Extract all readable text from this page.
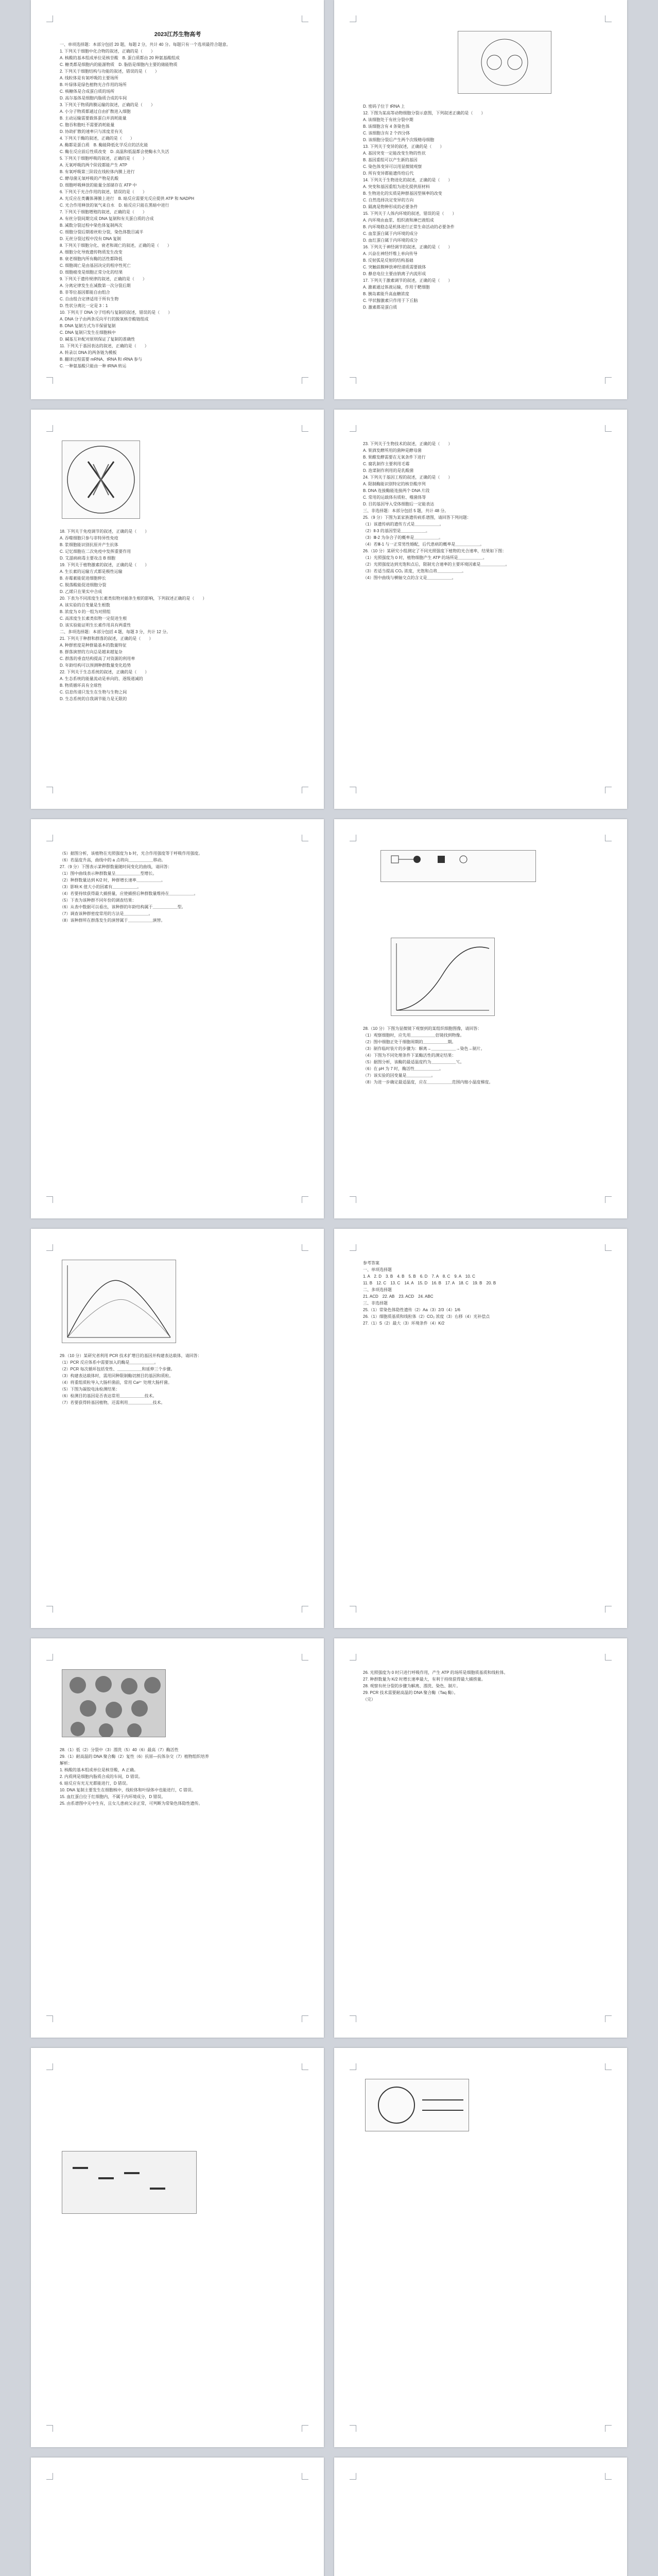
2023江苏生物高考
一、单项选择题：本部分包括 20 题，每题 2 分，共计 40 分。每题只有一个选项最符合题意。
1. 下列关于细胞中化合物的叙述，正确的是（　　）
A. 核酸的基本组成单位是核苷酸　B. 蛋白质都由 20 种氨基酸组成
C. 糖类都是细胞内的能源物质　D. 脂肪是细胞内主要的储能物质
2. 下列关于细胞结构与功能的叙述，错误的是（　　）
A. 线粒体是有氧呼吸的主要场所
B. 叶绿体是绿色植物光合作用的场所
C. 核糖体是合成蛋白质的场所
D. 高尔基体是细胞内脂质合成的车间
3. 下列关于物质跨膜运输的叙述，正确的是（　　）
A. 小分子物质都通过自由扩散进入细胞
B. 主动运输需要载体蛋白并消耗能量
C. 胞吞和胞吐不需要消耗能量
D. 协助扩散的速率只与浓度差有关
4. 下列关于酶的叙述，正确的是（　　）
A. 酶都是蛋白质　B. 酶能降低化学反应的活化能
C. 酶在反应前后性质改变　D. 高温和低温都会使酶永久失活
5. 下列关于细胞呼吸的叙述，正确的是（　　）
A. 无氧呼吸的两个阶段都能产生 ATP
B. 有氧呼吸第三阶段在线粒体内膜上进行
C. 酵母菌无氧呼吸的产物是乳酸
D. 细胞呼吸释放的能量全部储存在 ATP 中
6. 下列关于光合作用的叙述，错误的是（　　）
A. 光反应在类囊体薄膜上进行　B. 暗反应需要光反应提供 ATP 和 NADPH
C. 光合作用释放的氧气来自水　D. 暗反应只能在黑暗中进行
7. 下列关于细胞增殖的叙述，正确的是（　　）
A. 有丝分裂间期完成 DNA 复制和有关蛋白质的合成
B. 减数分裂过程中染色体复制两次
C. 细胞分裂后期着丝粒分裂，染色体数目减半
D. 无丝分裂过程中没有 DNA 复制
8. 下列关于细胞分化、衰老和凋亡的叙述，正确的是（　　）
A. 细胞分化导致遗传物质发生改变
B. 衰老细胞内所有酶的活性都降低
C. 细胞凋亡是由基因决定的程序性死亡
D. 细胞癌变是细胞正常分化的结果
9. 下列关于遗传规律的叙述，正确的是（　　）
A. 分离定律发生在减数第一次分裂后期
B. 非等位基因都能自由组合
C. 自由组合定律适用于所有生物
D. 性状分离比一定是 3∶1
10. 下列关于 DNA 分子结构与复制的叙述，错误的是（　　）
A. DNA 分子由两条反向平行的脱氧核苷酸链组成
B. DNA 复制方式为半保留复制
C. DNA 复制只发生在细胞核中
D. 碱基互补配对原则保证了复制的准确性
11. 下列关于基因表达的叙述，正确的是（　　）
A. 转录以 DNA 的两条链为模板
B. 翻译过程需要 mRNA、tRNA 和 rRNA 参与
C. 一种氨基酸只能由一种 tRNA 转运
D. 密码子位于 tRNA 上
12. 下图为某高等动物细胞分裂示意图，下列叙述正确的是（　　）
A. 该细胞处于有丝分裂中期
B. 该细胞含有 4 条染色体
C. 该细胞含有 2 个四分体
D. 该细胞分裂后产生两个次级精母细胞
13. 下列关于变异的叙述，正确的是（　　）
A. 基因突变一定能改变生物的性状
B. 基因重组可以产生新的基因
C. 染色体变异可以用显微镜观察
D. 所有变异都能遗传给后代
14. 下列关于生物进化的叙述，正确的是（　　）
A. 突变和基因重组为进化提供原材料
B. 生物进化的实质是种群基因型频率的改变
C. 自然选择决定变异的方向
D. 隔离是物种形成的必要条件
15. 下列关于人体内环境的叙述，错误的是（　　）
A. 内环境由血浆、组织液和淋巴液组成
B. 内环境稳态是机体进行正常生命活动的必要条件
C. 血浆蛋白属于内环境的成分
D. 血红蛋白属于内环境的成分
16. 下列关于神经调节的叙述，正确的是（　　）
A. 兴奋在神经纤维上单向传导
B. 反射弧是反射的结构基础
C. 突触前膜释放神经递质需要载体
D. 静息电位主要由钠离子内流形成
17. 下列关于激素调节的叙述，正确的是（　　）
A. 激素通过体液运输，作用于靶细胞
B. 胰岛素能升高血糖浓度
C. 甲状腺激素只作用于下丘脑
D. 激素都是蛋白质
18. 下列关于免疫调节的叙述，正确的是（　　）
A. 吞噬细胞只参与非特异性免疫
B. 浆细胞能识别抗原并产生抗体
C. 记忆细胞在二次免疫中发挥重要作用
D. 艾滋病病毒主要攻击 B 细胞
19. 下列关于植物激素的叙述，正确的是（　　）
A. 生长素的运输方式都是极性运输
B. 赤霉素能促进细胞伸长
C. 脱落酸能促进细胞分裂
D. 乙烯只在果实中合成
20. 下表为不同浓度生长素类似物对插条生根的影响，下列叙述正确的是（　　）
A. 该实验的自变量是生根数
B. 浓度为 0 的一组为对照组
C. 高浓度生长素类似物一定促进生根
D. 该实验能证明生长素作用具有两重性
二、多项选择题：本部分包括 4 题，每题 3 分，共计 12 分。
21. 下列关于种群和群落的叙述，正确的是（　　）
A. 种群密度是种群最基本的数量特征
B. 群落演替的方向总是越来越复杂
C. 群落的垂直结构提高了对资源的利用率
D. 年龄结构可以预测种群数量变化趋势
22. 下列关于生态系统的叙述，正确的是（　　）
A. 生态系统的能量流动是单向的、逐级递减的
B. 物质循环具有全球性
C. 信息传递只发生在生物与生物之间
D. 生态系统的自我调节能力是无限的
23. 下列关于生物技术的叙述，正确的是（　　）
A. 果酒发酵所用的菌种是酵母菌
B. 果醋发酵需要在无氧条件下进行
C. 腐乳制作主要利用毛霉
D. 泡菜制作利用的是乳酸菌
24. 下列关于基因工程的叙述，正确的是（　　）
A. 限制酶能识别特定的核苷酸序列
B. DNA 连接酶能连接两个 DNA 片段
C. 常用的运载体有质粒、噬菌体等
D. 目的基因导入受体细胞后一定能表达
三、非选择题：本部分包括 5 题，共计 48 分。
25.（9 分）下图为某家族遗传病系谱图，请回答下列问题：
（1）该遗传病的遗传方式是＿＿＿＿＿＿。
（2）Ⅱ-3 的基因型是＿＿＿＿＿＿。
（3）Ⅲ-2 为杂合子的概率是＿＿＿＿＿＿。
（4）若Ⅲ-1 与一正常男性婚配，后代患病的概率是＿＿＿＿＿＿。
26.（10 分）某研究小组测定了不同光照强度下植物的光合速率，结果如下图：
（1）光照强度为 0 时，植物细胞产生 ATP 的场所是＿＿＿＿＿＿。
（2）光照强度达到光饱和点后，限制光合速率的主要环境因素是＿＿＿＿＿＿。
（3）若适当提高 CO₂ 浓度，光饱和点将＿＿＿＿＿＿。
（4）图中曲线与横轴交点的含义是＿＿＿＿＿＿。
（5）据图分析，该植物在光照强度为 b 时，光合作用强度等于呼吸作用强度。
（6）若温度升高，曲线中的 a 点将向＿＿＿＿＿＿移动。
27.（9 分）下图表示某种群数量随时间变化的曲线，请回答：
（1）图中曲线表示种群数量呈＿＿＿＿＿＿型增长。
（2）种群数量达到 K/2 时，种群增长速率＿＿＿＿＿＿。
（3）影响 K 值大小的因素有＿＿＿＿＿＿。
（4）若要持续获得最大捕捞量，应使捕捞后种群数量维持在＿＿＿＿＿＿。
（5）下表为该种群不同年份的调查结果：
（6）从表中数据可以看出，该种群的年龄结构属于＿＿＿＿＿＿型。
（7）调查该种群密度常用的方法是＿＿＿＿＿＿。
（8）该种群所在群落发生的演替属于＿＿＿＿＿＿演替。
28.（10 分）下图为显微镜下观察到的某组织细胞图像，请回答：
（1）观察细胞时，应先用＿＿＿＿＿＿倍镜找到物像。
（2）图中细胞正处于细胞周期的＿＿＿＿＿＿期。
（3）制作临时装片的步骤为：解离→＿＿＿＿＿＿→染色→制片。
（4）下图为不同处理条件下某酶活性的测定结果：
（5）据图分析，该酶的最适温度约为＿＿＿＿＿＿℃。
（6）在 pH 为 7 时，酶活性＿＿＿＿＿＿。
（7）该实验的因变量是＿＿＿＿＿＿。
（8）为进一步确定最适温度，应在＿＿＿＿＿＿范围内缩小温度梯度。
29.（10 分）某研究者利用 PCR 技术扩增目的基因并构建表达载体，请回答：
（1）PCR 反应体系中需要加入的酶是＿＿＿＿＿＿。
（2）PCR 每次循环包括变性、＿＿＿＿＿＿和延伸三个步骤。
（3）构建表达载体时，需用同种限制酶切割目的基因和质粒。
（4）将重组质粒导入大肠杆菌前，常用 Ca²⁺ 处理大肠杆菌。
（5）下图为凝胶电泳检测结果：
（6）检测目的基因是否表达常用＿＿＿＿＿＿技术。
（7）若要获得转基因植物，还需利用＿＿＿＿＿＿技术。
参考答案
一、单项选择题
1. A　2. D　3. B　4. B　5. B　6. D　7. A　8. C　9. A　10. C
11. B　12. C　13. C　14. A　15. D　16. B　17. A　18. C　19. B　20. B
二、多项选择题
21. ACD　22. AB　23. ACD　24. ABC
三、非选择题
25.（1）常染色体隐性遗传（2）Aa（3）2/3（4）1/6
26.（1）细胞质基质和线粒体（2）CO₂ 浓度（3）右移（4）光补偿点
27.（1）S（2）最大（3）环境条件（4）K/2
28.（1）低（2）分裂中（3）漂洗（5）40（6）最高（7）酶活性
29.（1）耐高温的 DNA 聚合酶（2）复性（6）抗原—抗体杂交（7）植物组织培养
解析：
1. 核酸的基本组成单位是核苷酸，A 正确。
2. 内质网是细胞内脂质合成的车间，D 错误。
6. 暗反应有光无光都能进行，D 错误。
10. DNA 复制主要发生在细胞核中，线粒体和叶绿体中也能进行，C 错误。
15. 血红蛋白位于红细胞内，不属于内环境成分，D 错误。
25. 由系谱图中无中生有，且女儿患病父亲正常，可判断为常染色体隐性遗传。
26. 光照强度为 0 时只进行呼吸作用，产生 ATP 的场所是细胞质基质和线粒体。
27. 种群数量为 K/2 时增长速率最大，有利于持续获得最大捕捞量。
28. 观察有丝分裂的步骤为解离、漂洗、染色、制片。
29. PCR 技术需要耐高温的 DNA 聚合酶（Taq 酶）。
（完）
